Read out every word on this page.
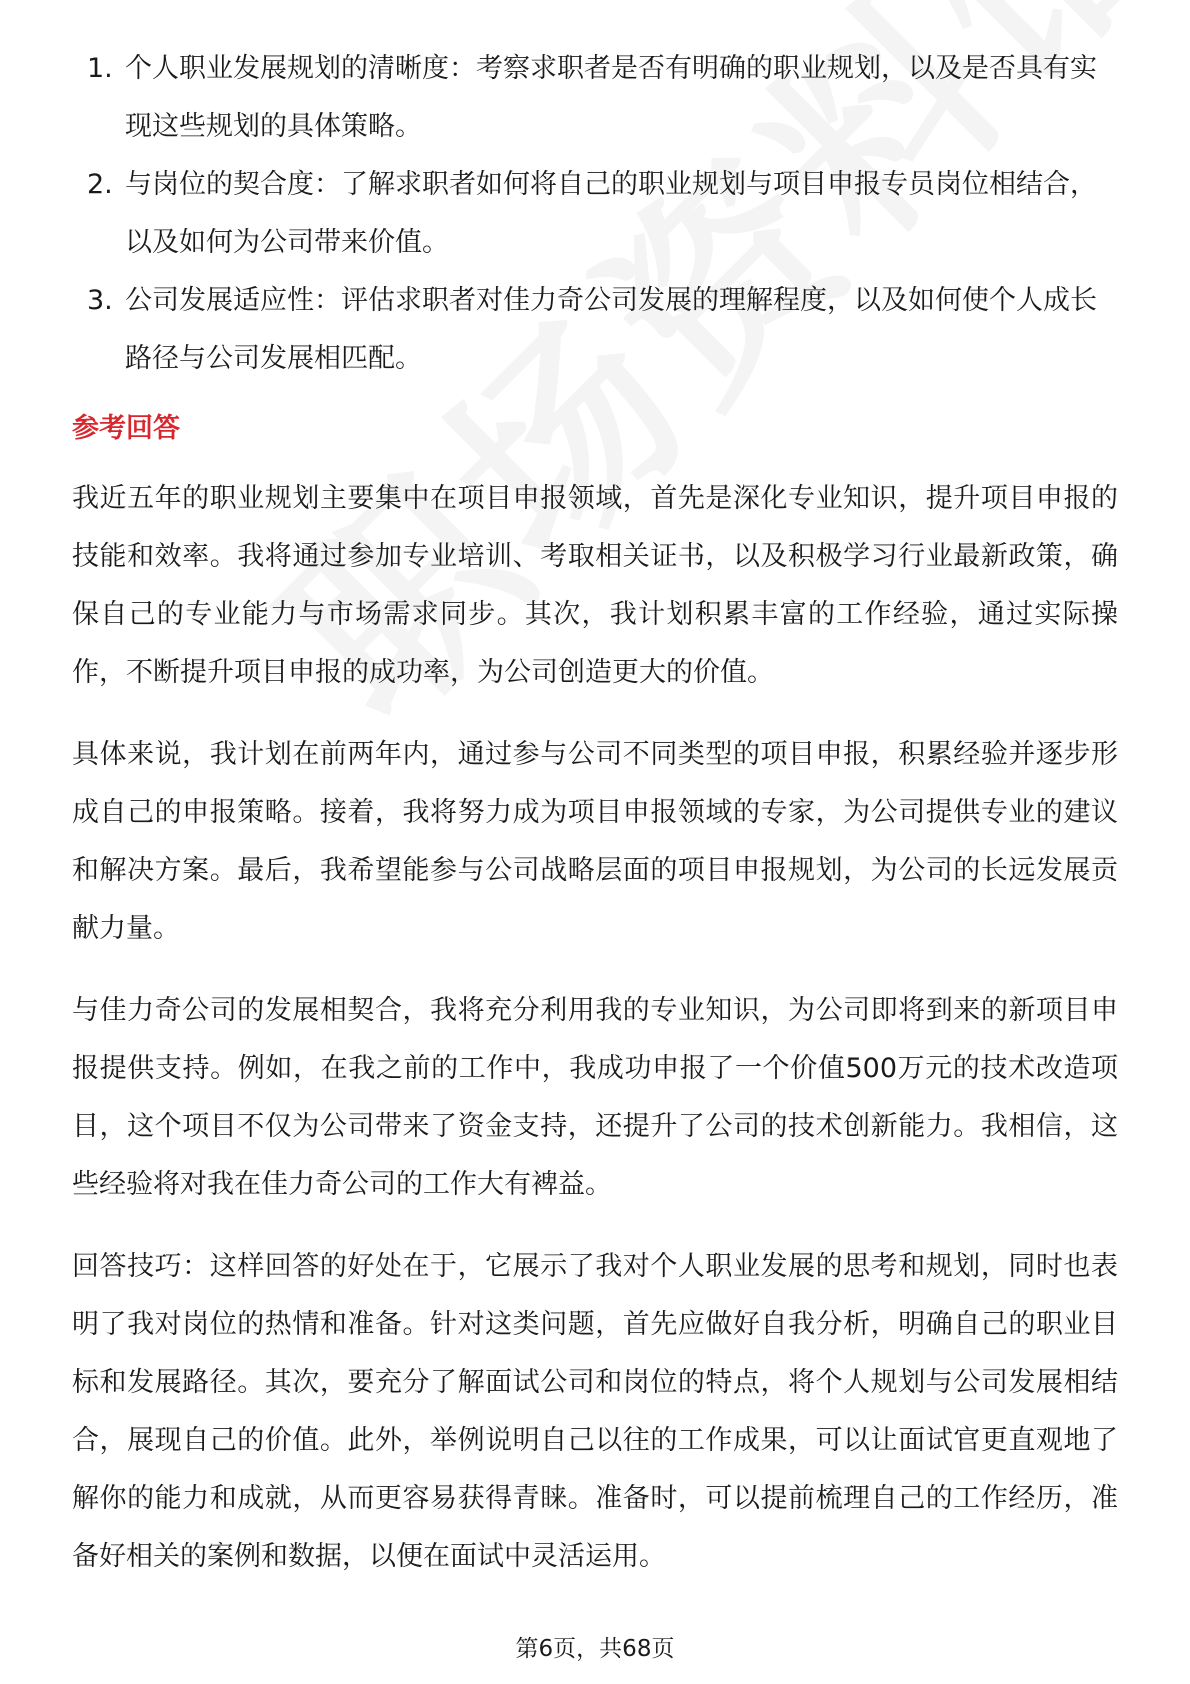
1. 个人职业发展规划的清晰度：考察求职者是否有明确的职业规划，以及是否具有实现这些规划的具体策略。
2. 与岗位的契合度：了解求职者如何将自己的职业规划与项目申报专员岗位相结合，以及如何为公司带来价值。
3. 公司发展适应性：评估求职者对佳力奇公司发展的理解程度，以及如何使个人成长路径与公司发展相匹配。
参考回答

我近五年的职业规划主要集中在项目申报领域，首先是深化专业知识，提升项目申报的技能和效率。我将通过参加专业培训、考取相关证书，以及积极学习行业最新政策，确保自己的专业能力与市场需求同步。其次，我计划积累丰富的工作经验，通过实际操作，不断提升项目申报的成功率，为公司创造更大的价值。

具体来说，我计划在前两年内，通过参与公司不同类型的项目申报，积累经验并逐步形成自己的申报策略。接着，我将努力成为项目申报领域的专家，为公司提供专业的建议和解决方案。最后，我希望能参与公司战略层面的项目申报规划，为公司的长远发展贡献力量。

与佳力奇公司的发展相契合，我将充分利用我的专业知识，为公司即将到来的新项目申报提供支持。例如，在我之前的工作中，我成功申报了一个价值500万元的技术改造项目，这个项目不仅为公司带来了资金支持，还提升了公司的技术创新能力。我相信，这些经验将对我在佳力奇公司的工作大有裨益。

回答技巧：这样回答的好处在于，它展示了我对个人职业发展的思考和规划，同时也表明了我对岗位的热情和准备。针对这类问题，首先应做好自我分析，明确自己的职业目标和发展路径。其次，要充分了解面试公司和岗位的特点，将个人规划与公司发展相结合，展现自己的价值。此外，举例说明自己以往的工作成果，可以让面试官更直观地了解你的能力和成就，从而更容易获得青睐。准备时，可以提前梳理自己的工作经历，准备好相关的案例和数据，以便在面试中灵活运用。

第6页，共68页
